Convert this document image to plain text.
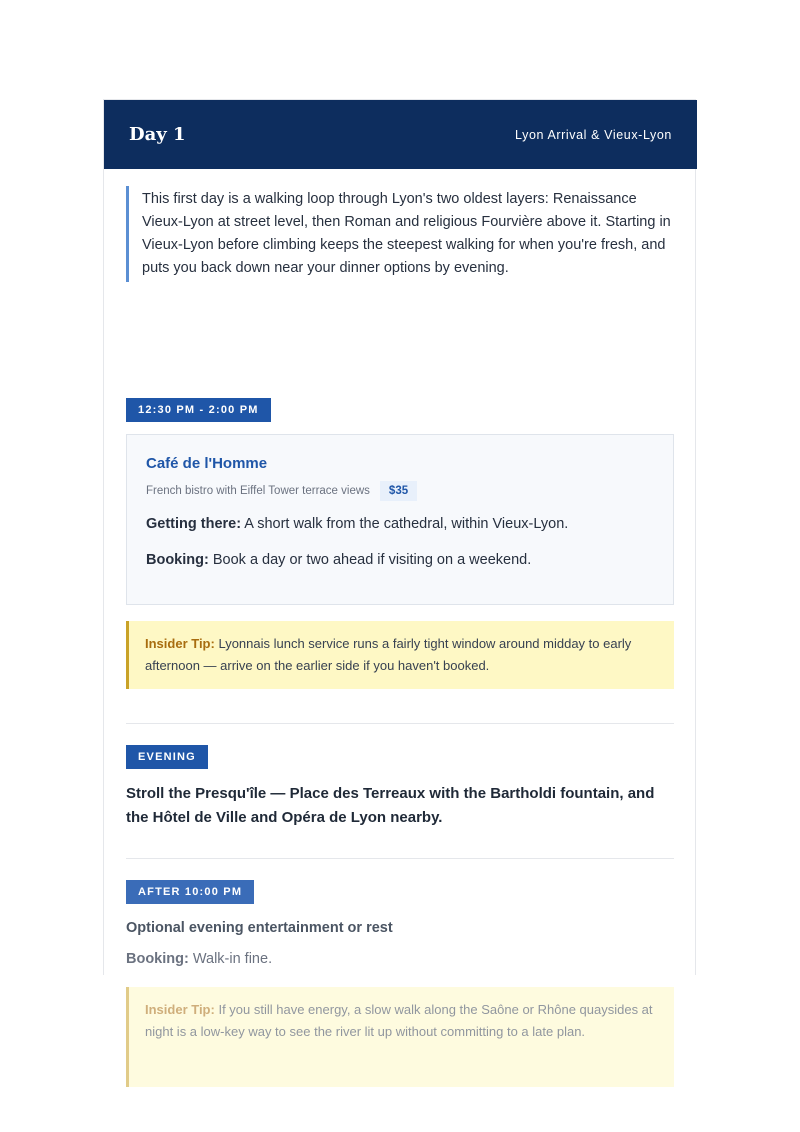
Day 1	Lyon Arrival & Vieux-Lyon
This first day is a walking loop through Lyon's two oldest layers: Renaissance Vieux-Lyon at street level, then Roman and religious Fourvière above it. Starting in Vieux-Lyon before climbing keeps the steepest walking for when you're fresh, and puts you back down near your dinner options by evening.
12:30 PM - 2:00 PM
Café de l'Homme
French bistro with Eiffel Tower terrace views	$35
Getting there: A short walk from the cathedral, within Vieux-Lyon.
Booking: Book a day or two ahead if visiting on a weekend.
Insider Tip: Lyonnais lunch service runs a fairly tight window around midday to early afternoon — arrive on the earlier side if you haven't booked.
EVENING
Stroll the Presqu'île — Place des Terreaux with the Bartholdi fountain, and the Hôtel de Ville and Opéra de Lyon nearby.
AFTER 10:00 PM
Optional evening entertainment or rest
Booking: Walk-in fine.
Insider Tip: If you still have energy, a slow walk along the Saône or Rhône quaysides at night is a low-key way to see the river lit up without committing to a late plan.
